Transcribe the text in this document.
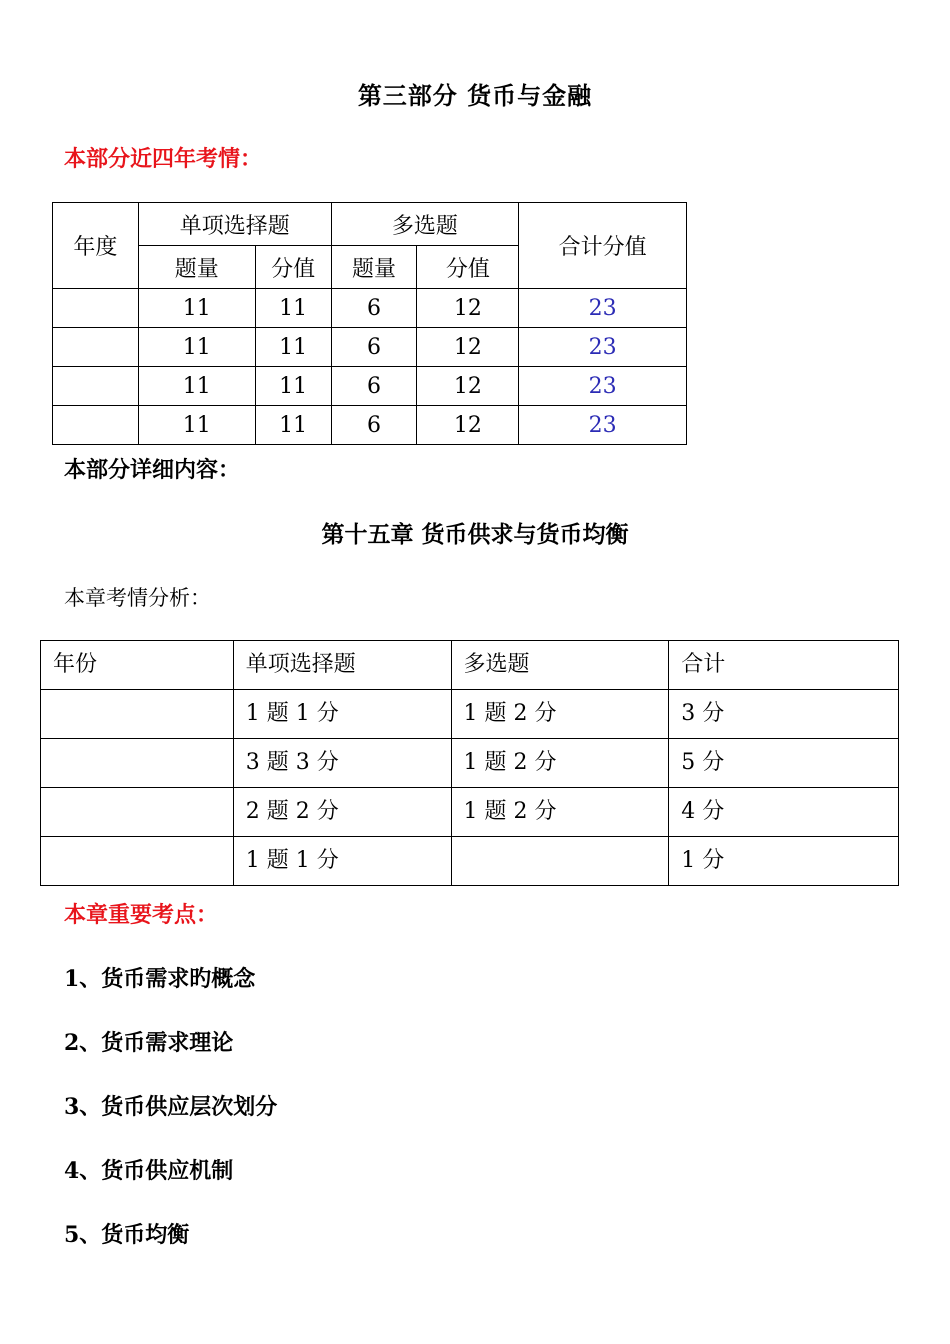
第三部分 货币与金融
本部分近四年考情：
年度	单项选择题		多选题		合计分值
	题量	分值	题量	分值	
	11	11	6	12	23
	11	11	6	12	23
	11	11	6	12	23
	11	11	6	12	23
本部分详细内容：
第十五章 货币供求与货币均衡
本章考情分析：
年份	单项选择题	多选题	合计
	1 题 1 分	1 题 2 分	3 分
	3 题 3 分	1 题 2 分	5 分
	2 题 2 分	1 题 2 分	4 分
	1 题 1 分		1 分
本章重要考点：
1、货币需求旳概念
2、货币需求理论
3、货币供应层次划分
4、货币供应机制
5、货币均衡
